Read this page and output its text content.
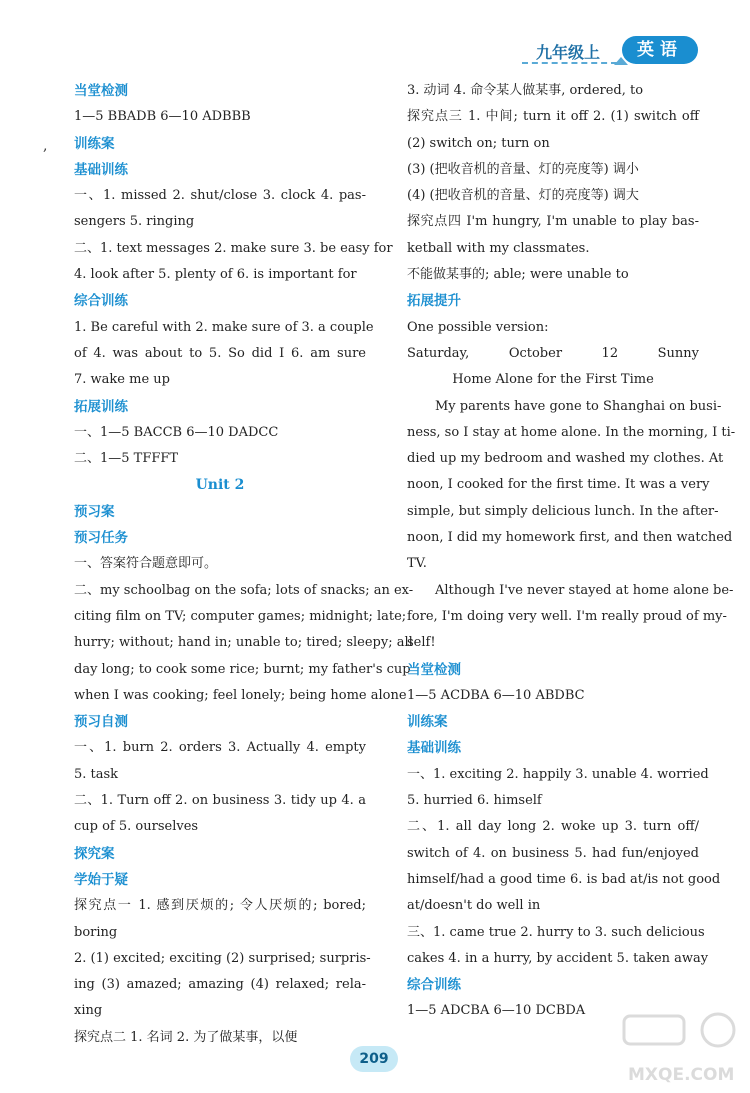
九年级上	英语
,
当堂检测
1—5 BBADB 6—10 ADBBB
训练案
基础训练
一、1. missed 2. shut/close 3. clock 4. pas-
sengers 5. ringing
二、1. text messages 2. make sure 3. be easy for
4. look after 5. plenty of 6. is important for
综合训练
1. Be careful with 2. make sure of 3. a couple
of 4. was about to 5. So did I 6. am sure
7. wake me up
拓展训练
一、1—5 BACCB 6—10 DADCC
二、1—5 TFFFT
Unit 2
预习案
预习任务
一、答案符合题意即可。
二、my schoolbag on the sofa; lots of snacks; an ex-
citing film on TV; computer games; midnight; late;
hurry; without; hand in; unable to; tired; sleepy; all
day long; to cook some rice; burnt; my father's cup
when I was cooking; feel lonely; being home alone
预习自测
一、1. burn 2. orders 3. Actually 4. empty
5. task
二、1. Turn off 2. on business 3. tidy up 4. a
cup of 5. ourselves
探究案
学始于疑
探究点一 1. 感到厌烦的; 令人厌烦的; bored;
boring
2. (1) excited; exciting (2) surprised; surpris-
ing (3) amazed; amazing (4) relaxed; rela-
xing
探究点二 1. 名词 2. 为了做某事，以便
3. 动词 4. 命令某人做某事, ordered, to
探究点三 1. 中间; turn it off 2. (1) switch off
(2) switch on; turn on
(3) (把收音机的音量、灯的亮度等) 调小
(4) (把收音机的音量、灯的亮度等) 调大
探究点四 I'm hungry, I'm unable to play bas-
ketball with my classmates.
不能做某事的; able; were unable to
拓展提升
One possible version:
Saturday, October 12 Sunny
Home Alone for the First Time
My parents have gone to Shanghai on busi-
ness, so I stay at home alone. In the morning, I ti-
died up my bedroom and washed my clothes. At
noon, I cooked for the first time. It was a very
simple, but simply delicious lunch. In the after-
noon, I did my homework first, and then watched
TV.
Although I've never stayed at home alone be-
fore, I'm doing very well. I'm really proud of my-
self!
当堂检测
1—5 ACDBA 6—10 ABDBC
训练案
基础训练
一、1. exciting 2. happily 3. unable 4. worried
5. hurried 6. himself
二、1. all day long 2. woke up 3. turn off/
switch of 4. on business 5. had fun/enjoyed
himself/had a good time 6. is bad at/is not good
at/doesn't do well in
三、1. came true 2. hurry to 3. such delicious
cakes 4. in a hurry, by accident 5. taken away
综合训练
1—5 ADCBA 6—10 DCBDA
209
MXQE.COM
